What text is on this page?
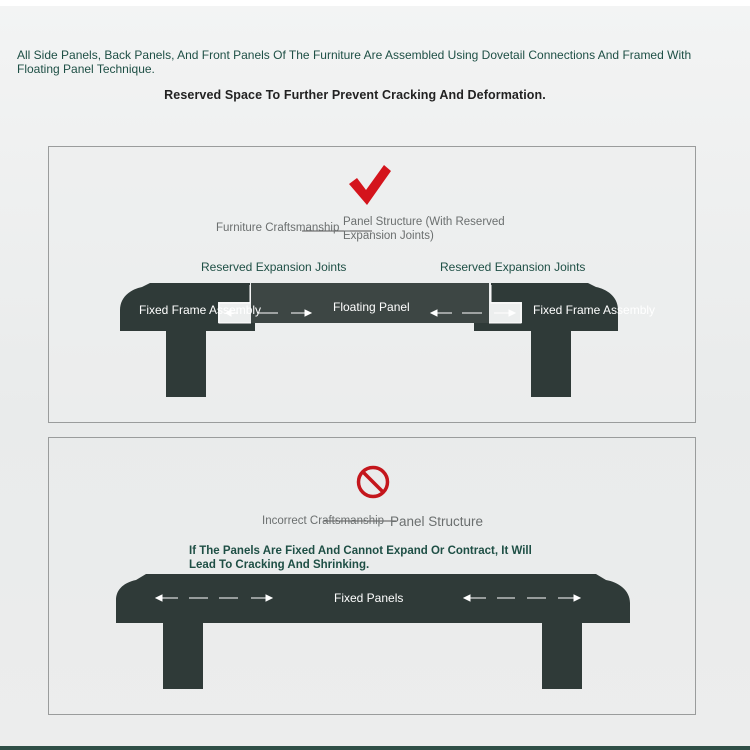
All Side Panels, Back Panels, And Front Panels Of The Furniture Are Assembled Using Dovetail Connections And Framed With Floating Panel Technique.
Reserved Space To Further Prevent Cracking And Deformation.
Furniture Craftsmanship Panel Structure (With Reserved Expansion Joints)
Reserved Expansion Joints	Reserved Expansion Joints
Fixed Frame Assembly	Floating Panel	Fixed Frame Assembly
Incorrect Craftsmanship Panel Structure
If The Panels Are Fixed And Cannot Expand Or Contract, It Will Lead To Cracking And Shrinking.
Fixed Panels
